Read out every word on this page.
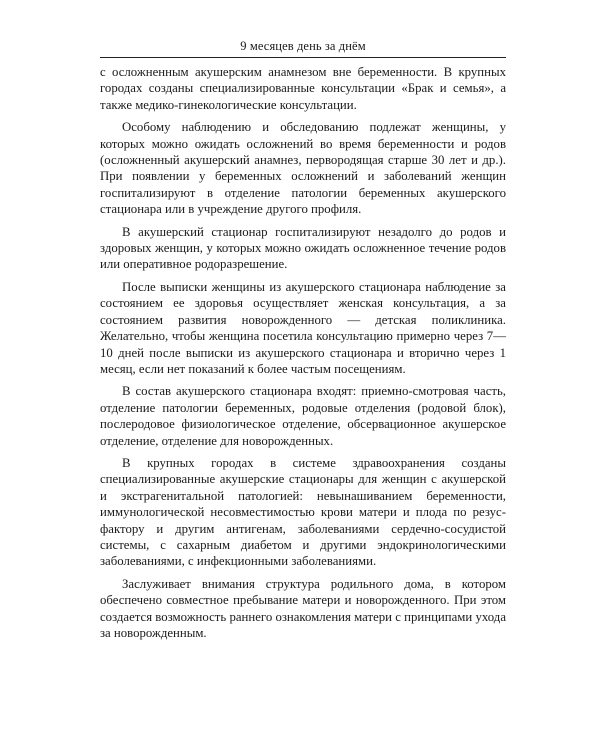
9 месяцев день за днём

с осложненным акушерским анамнезом вне беременности. В крупных городах созданы специализированные консультации «Брак и семья», а также медико-гинекологические консультации.

Особому наблюдению и обследованию подлежат женщины, у которых можно ожидать осложнений во время беременности и родов (осложненный акушерский анамнез, первородящая старше 30 лет и др.). При появлении у беременных осложнений и заболеваний женщин госпитализируют в отделение патологии беременных акушерского стационара или в учреждение другого профиля.

В акушерский стационар госпитализируют незадолго до родов и здоровых женщин, у которых можно ожидать осложненное течение родов или оперативное родоразрешение.

После выписки женщины из акушерского стационара наблюдение за состоянием ее здоровья осуществляет женская консультация, а за состоянием развития новорожденного — детская поликлиника. Желательно, чтобы женщина посетила консультацию примерно через 7—10 дней после выписки из акушерского стационара и вторично через 1 месяц, если нет показаний к более частым посещениям.

В состав акушерского стационара входят: приемно-смотровая часть, отделение патологии беременных, родовые отделения (родовой блок), послеродовое физиологическое отделение, обсервационное акушерское отделение, отделение для новорожденных.

В крупных городах в системе здравоохранения созданы специализированные акушерские стационары для женщин с акушерской и экстрагенитальной патологией: невынашиванием беременности, иммунологической несовместимостью крови матери и плода по резус-фактору и другим антигенам, заболеваниями сердечно-сосудистой системы, с сахарным диабетом и другими эндокринологическими заболеваниями, с инфекционными заболеваниями.

Заслуживает внимания структура родильного дома, в котором обеспечено совместное пребывание матери и новорожденного. При этом создается возможность раннего ознакомления матери с принципами ухода за новорожденным.
